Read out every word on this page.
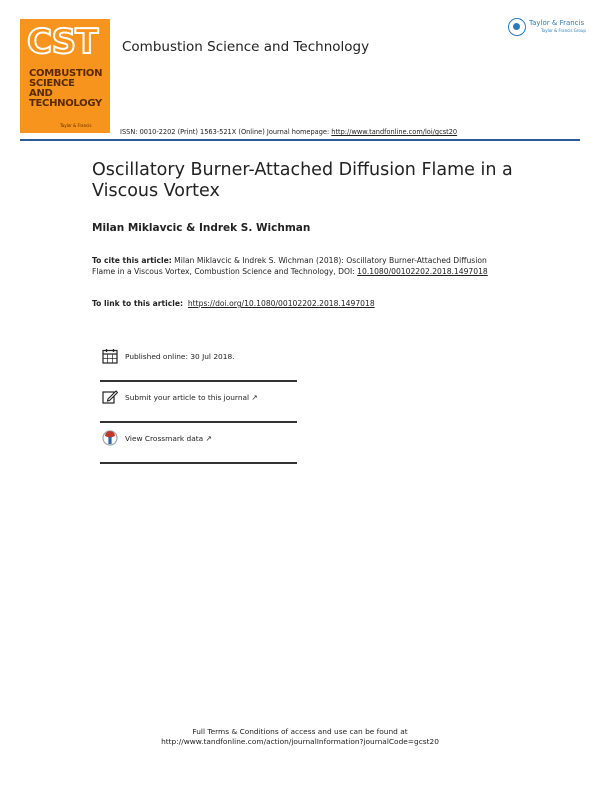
CST
COMBUSTION
SCIENCE
AND
TECHNOLOGY
Taylor & Francis
Combustion Science and Technology
Taylor & Francis
Taylor & Francis Group
ISSN: 0010-2202 (Print) 1563-521X (Online) Journal homepage: http://www.tandfonline.com/loi/gcst20
Oscillatory Burner-Attached Diffusion Flame in a Viscous Vortex
Milan Miklavcic & Indrek S. Wichman
To cite this article: Milan Miklavcic & Indrek S. Wichman (2018): Oscillatory Burner-Attached Diffusion Flame in a Viscous Vortex, Combustion Science and Technology, DOI: 10.1080/00102202.2018.1497018
To link to this article: https://doi.org/10.1080/00102202.2018.1497018
Published online: 30 Jul 2018.
Submit your article to this journal ↗
View Crossmark data ↗
Full Terms & Conditions of access and use can be found at
http://www.tandfonline.com/action/journalInformation?journalCode=gcst20
